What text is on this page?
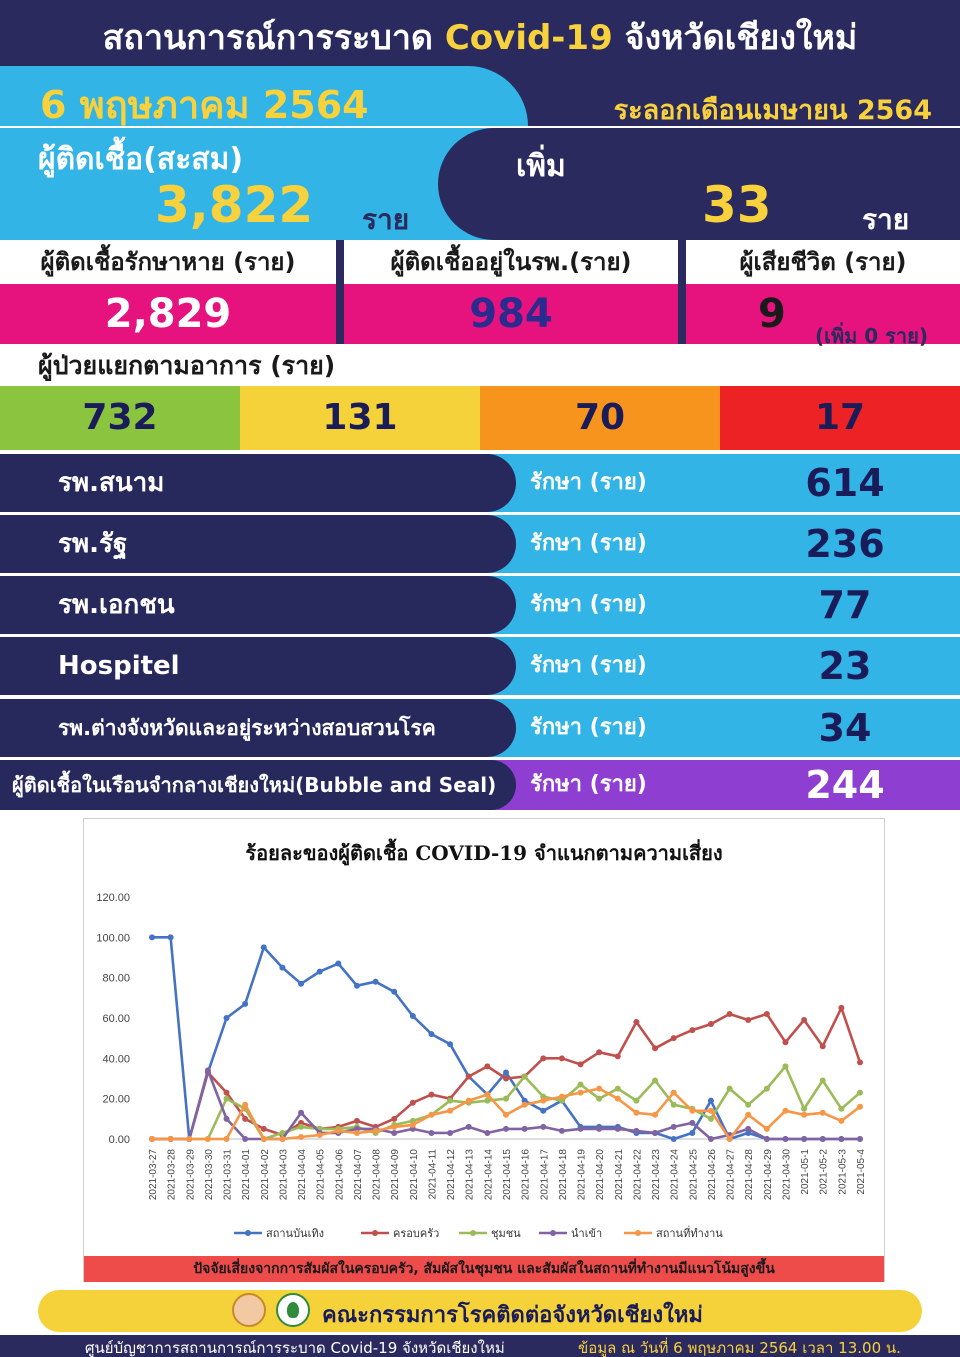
สถานการณ์การระบาด Covid-19 จังหวัดเชียงใหม่
6 พฤษภาคม 2564	ระลอกเดือนเมษายน 2564
ผู้ติดเชื้อ(สะสม)
3,822 ราย
เพิ่ม
33	ราย
ผู้ติดเชื้อรักษาหาย (ราย)	ผู้ติดเชื้ออยู่ในรพ.(ราย)	ผู้เสียชีวิต (ราย)
2,829	984	9	(เพิ่ม 0 ราย)
ผู้ป่วยแยกตามอาการ (ราย)
732	131	70	17
รพ.สนาม	รักษา (ราย)	614
รพ.รัฐ	รักษา (ราย)	236
รพ.เอกชน	รักษา (ราย)	77
Hospitel	รักษา (ราย)	23
รพ.ต่างจังหวัดและอยู่ระหว่างสอบสวนโรค	รักษา (ราย)	34
ผู้ติดเชื้อในเรือนจำกลางเชียงใหม่(Bubble and Seal)	รักษา (ราย)	244
ร้อยละของผู้ติดเชื้อ COVID-19 จำแนกตามความเสี่ยง
0.00
20.00
40.00
60.00
80.00
100.00
120.00
2021-03-27 2021-03-28 2021-03-29 2021-03-30 2021-03-31 2021-04-01 2021-04-02 2021-04-03 2021-04-04 2021-04-05 2021-04-06 2021-04-07 2021-04-08 2021-04-09 2021-04-10 2021-04-11 2021-04-12 2021-04-13 2021-04-14 2021-04-15 2021-04-16 2021-04-17 2021-04-18 2021-04-19 2021-04-20 2021-04-21 2021-04-22 2021-04-23 2021-04-24 2021-04-25 2021-04-26 2021-04-27 2021-04-28 2021-04-29 2021-04-30 2021-05-1 2021-05-2 2021-05-3 2021-05-4
สถานบันเทิง	ครอบครัว	ชุมชน	นำเข้า	สถานที่ทำงาน
ปัจจัยเสี่ยงจากการสัมผัสในครอบครัว, สัมผัสในชุมชน และสัมผัสในสถานที่ทำงานมีแนวโน้มสูงขึ้น
คณะกรรมการโรคติดต่อจังหวัดเชียงใหม่
ศูนย์บัญชาการสถานการณ์การระบาด Covid-19 จังหวัดเชียงใหม่	ข้อมูล ณ วันที่ 6 พฤษภาคม 2564 เวลา 13.00 น.
